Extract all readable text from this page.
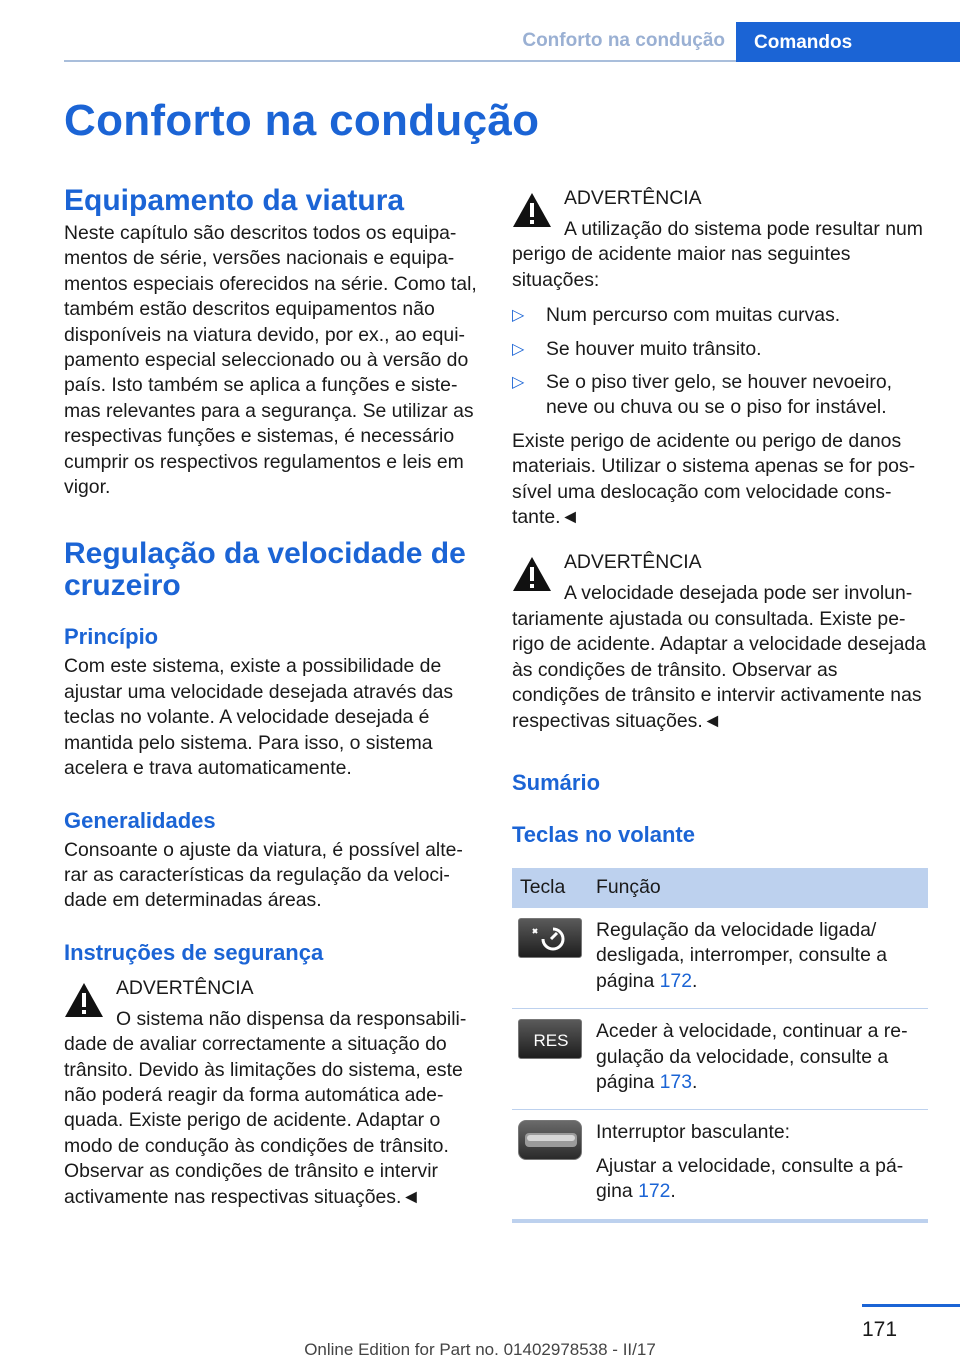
Conforto na condução	Comandos
Conforto na condução
Equipamento da viatura

Neste capítulo são descritos todos os equipamentos de série, versões nacionais e equipamentos especiais oferecidos na série. Como tal, também estão descritos equipamentos não disponíveis na viatura devido, por ex., ao equipamento especial seleccionado ou à versão do país. Isto também se aplica a funções e sistemas relevantes para a segurança. Se utilizar as respectivas funções e sistemas, é necessário cumprir os respectivos regulamentos e leis em vigor.

Regulação da velocidade de cruzeiro
Princípio

Com este sistema, existe a possibilidade de ajustar uma velocidade desejada através das teclas no volante. A velocidade desejada é mantida pelo sistema. Para isso, o sistema acelera e trava automaticamente.

Generalidades

Consoante o ajuste da viatura, é possível alterar as características da regulação da velocidade em determinadas áreas.

Instruções de segurança
ADVERTÊNCIA
O sistema não dispensa da responsabilidade de avaliar correctamente a situação do trânsito. Devido às limitações do sistema, este não poderá reagir da forma automática adequada. Existe perigo de acidente. Adaptar o modo de condução às condições de trânsito. Observar as condições de trânsito e intervir activamente nas respectivas situações.◄
ADVERTÊNCIA
A utilização do sistema pode resultar num perigo de acidente maior nas seguintes situações:
▷ Num percurso com muitas curvas.
▷ Se houver muito trânsito.
▷ Se o piso tiver gelo, se houver nevoeiro, neve ou chuva ou se o piso for instável.

Existe perigo de acidente ou perigo de danos materiais. Utilizar o sistema apenas se for possível uma deslocação com velocidade constante.◄

ADVERTÊNCIA
A velocidade desejada pode ser involuntariamente ajustada ou consultada. Existe perigo de acidente. Adaptar a velocidade desejada às condições de trânsito. Observar as condições de trânsito e intervir activamente nas respectivas situações.◄
Sumário
Teclas no volante
Tecla	Função

	Regulação da velocidade ligada/ desligada, interromper, consulte a página 172.

RES	Aceder à velocidade, continuar a regulação da velocidade, consulte a página 173.

Interruptor basculante:
Ajustar a velocidade, consulte a página 172.
171
Online Edition for Part no. 01402978538 - II/17
